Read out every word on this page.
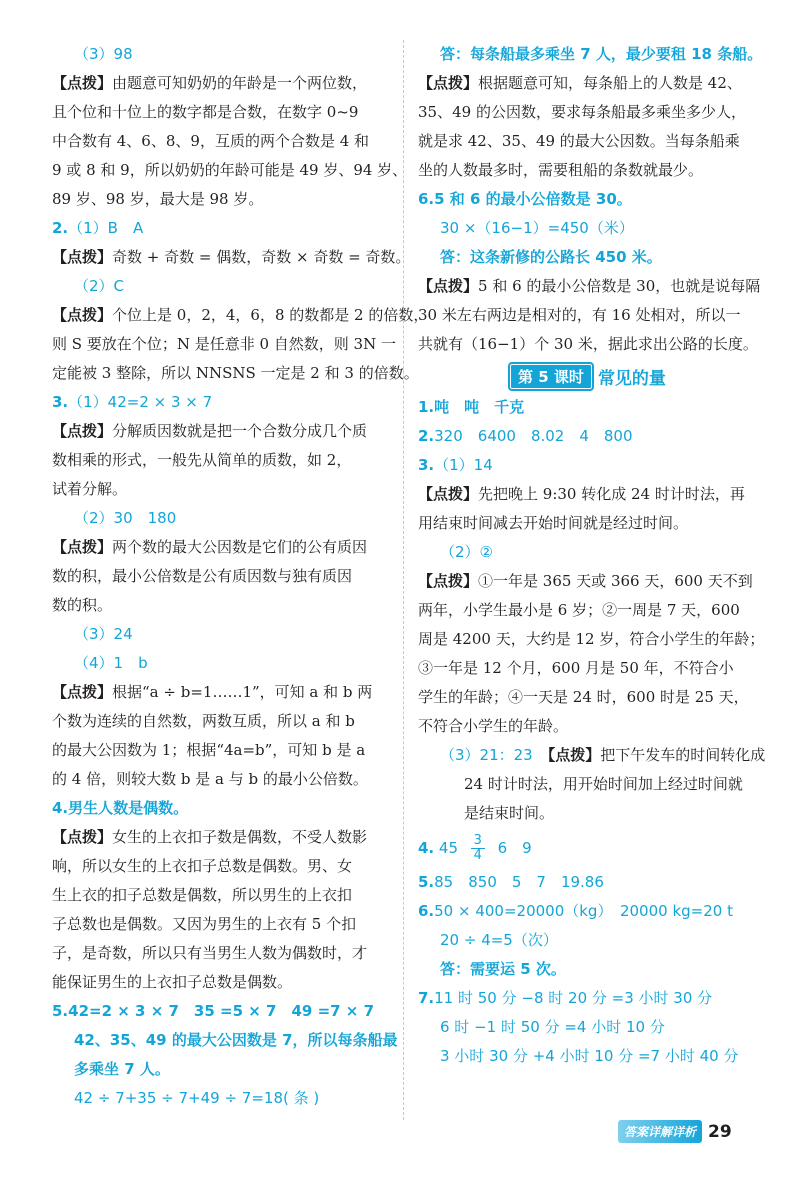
（3）98
【点拨】由题意可知奶奶的年龄是一个两位数，
且个位和十位上的数字都是合数，在数字 0~9
中合数有 4、6、8、9，互质的两个合数是 4 和
9 或 8 和 9，所以奶奶的年龄可能是 49 岁、94 岁、
89 岁、98 岁，最大是 98 岁。
2.（1）B　A
【点拨】奇数 + 奇数 = 偶数，奇数 × 奇数 = 奇数。
（2）C
【点拨】个位上是 0，2，4，6，8 的数都是 2 的倍数，
则 S 要放在个位；N 是任意非 0 自然数，则 3N 一
定能被 3 整除，所以 NNSNS 一定是 2 和 3 的倍数。
3.（1）42=2 × 3 × 7
【点拨】分解质因数就是把一个合数分成几个质
数相乘的形式，一般先从简单的质数，如 2，
试着分解。
（2）30　180
【点拨】两个数的最大公因数是它们的公有质因
数的积，最小公倍数是公有质因数与独有质因
数的积。
（3）24
（4）1　b
【点拨】根据“a ÷ b=1……1”，可知 a 和 b 两
个数为连续的自然数，两数互质，所以 a 和 b
的最大公因数为 1；根据“4a=b”，可知 b 是 a
的 4 倍，则较大数 b 是 a 与 b 的最小公倍数。
4.男生人数是偶数。
【点拨】女生的上衣扣子数是偶数，不受人数影
响，所以女生的上衣扣子总数是偶数。男、女
生上衣的扣子总数是偶数，所以男生的上衣扣
子总数也是偶数。又因为男生的上衣有 5 个扣
子，是奇数，所以只有当男生人数为偶数时，才
能保证男生的上衣扣子总数是偶数。
5.42=2 × 3 × 7　35 =5 × 7　49 =7 × 7
42、35、49 的最大公因数是 7，所以每条船最
多乘坐 7 人。
42 ÷ 7+35 ÷ 7+49 ÷ 7=18( 条 )
答：每条船最多乘坐 7 人，最少要租 18 条船。
【点拨】根据题意可知，每条船上的人数是 42、
35、49 的公因数，要求每条船最多乘坐多少人，
就是求 42、35、49 的最大公因数。当每条船乘
坐的人数最多时，需要租船的条数就最少。
6.5 和 6 的最小公倍数是 30。
30 ×（16−1）=450（米）
答：这条新修的公路长 450 米。
【点拨】5 和 6 的最小公倍数是 30，也就是说每隔
30 米左右两边是相对的，有 16 处相对，所以一
共就有（16−1）个 30 米，据此求出公路的长度。
第 5 课时 常见的量
1.吨　吨　千克
2.320　6400　8.02　4　800
3.（1）14
【点拨】先把晚上 9:30 转化成 24 时计时法，再
用结束时间减去开始时间就是经过时间。
（2）②
【点拨】①一年是 365 天或 366 天，600 天不到
两年，小学生最小是 6 岁；②一周是 7 天，600
周是 4200 天，大约是 12 岁，符合小学生的年龄；
③一年是 12 个月，600 月是 50 年，不符合小
学生的年龄；④一天是 24 时，600 时是 25 天，
不符合小学生的年龄。
（3）21：23　 【点拨】把下午发车的时间转化成
24 时计时法，用开始时间加上经过时间就
是结束时间。
4. $45 \frac{3}{4} 6$　9
5.85　850　5　7　19.86
6.50 × 400=20000（kg）　20000 kg=20 t
20 ÷ 4=5（次）
答：需要运 5 次。
7.11 时 50 分 −8 时 20 分 =3 小时 30 分
6 时 −1 时 50 分 =4 小时 10 分
3 小时 30 分 +4 小时 10 分 =7 小时 40 分
答案详解详析 29
